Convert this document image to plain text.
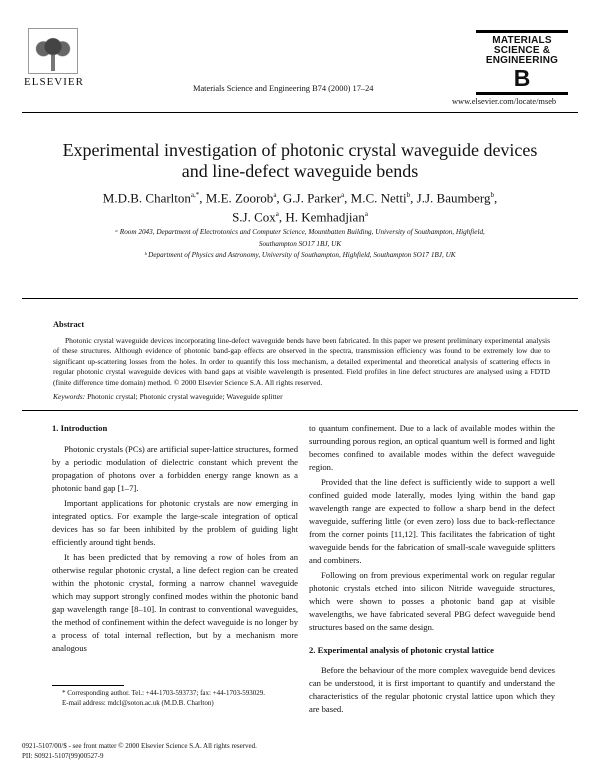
ELSEVIER
Materials Science and Engineering B74 (2000) 17–24
MATERIALS
SCIENCE &
ENGINEERING
B
www.elsevier.com/locate/mseb
Experimental investigation of photonic crystal waveguide devices
and line-defect waveguide bends
M.D.B. Charlton$^{a,*}$, M.E. Zoorob$^a$, G.J. Parker$^a$, M.C. Netti$^b$, J.J. Baumberg$^b$,
S.J. Cox$^a$, H. Kemhadjian$^a$
ᵃ Room 2043, Department of Electrotonics and Computer Science, Mountbatten Building, University of Southampton, Highfield,
Southampton SO17 1BJ, UK
ᵇ Department of Physics and Astronomy, University of Southampton, Highfield, Southampton SO17 1BJ, UK
Abstract
Photonic crystal waveguide devices incorporating line-defect waveguide bends have been fabricated. In this paper we present preliminary experimental analysis of these structures. Although evidence of photonic band-gap effects are observed in the spectra, transmission efficiency was found to be extremely low due to significant up-scattering losses from the holes. In order to quantify this loss mechanism, a detailed experimental and theoretical analysis of scattering effects in regular photonic crystal waveguide devices with band gaps at visible wavelength is presented. Field profiles in line defect structures are analysed using a FDTD (finite difference time domain) method. © 2000 Elsevier Science S.A. All rights reserved.
Keywords: Photonic crystal; Photonic crystal waveguide; Waveguide splitter
1. Introduction

Photonic crystals (PCs) are artificial super-lattice structures, formed by a periodic modulation of dielectric constant which prevent the propagation of photons over a forbidden energy range known as a photonic band gap [1–7].

Important applications for photonic crystals are now emerging in integrated optics. For example the large-scale integration of optical devices has so far been inhibited by the problem of guiding light efficiently around tight bends.

It has been predicted that by removing a row of holes from an otherwise regular photonic crystal, a line defect region can be created within the photonic crystal, forming a narrow channel waveguide which may support strongly confined modes within the photonic band gap wavelength range [8–10]. In contrast to conventional waveguides, the method of confinement within the defect waveguide is no longer by a process of total internal reflection, but by a mechanism more analogous

to quantum confinement. Due to a lack of available modes within the surrounding porous region, an optical quantum well is formed and light becomes confined to available modes within the defect waveguide region.

Provided that the line defect is sufficiently wide to support a well confined guided mode laterally, modes lying within the band gap wavelength range are expected to follow a sharp bend in the defect waveguide, suffering little (or even zero) loss due to back-reflectance from the corner points [11,12]. This facilitates the fabrication of tight waveguide bends for the fabrication of small-scale waveguide splitters and combiners.

Following on from previous experimental work on regular regular photonic crystals etched into silicon Nitride waveguide structures, which were shown to posses a photonic band gap at visible wavelengths, we have fabricated several PBG defect waveguide bend structures based on the same design.

2. Experimental analysis of photonic crystal lattice

Before the behaviour of the more complex waveguide bend devices can be understood, it is first important to quantify and understand the characteristics of the regular photonic crystal lattice upon which they are based.

* Corresponding author. Tel.: +44-1703-593737; fax: +44-1703-593029.
E-mail address: mdcl@soton.ac.uk (M.D.B. Charlton)
0921-5107/00/$ - see front matter © 2000 Elsevier Science S.A. All rights reserved.
PII: S0921-5107(99)00527-9
